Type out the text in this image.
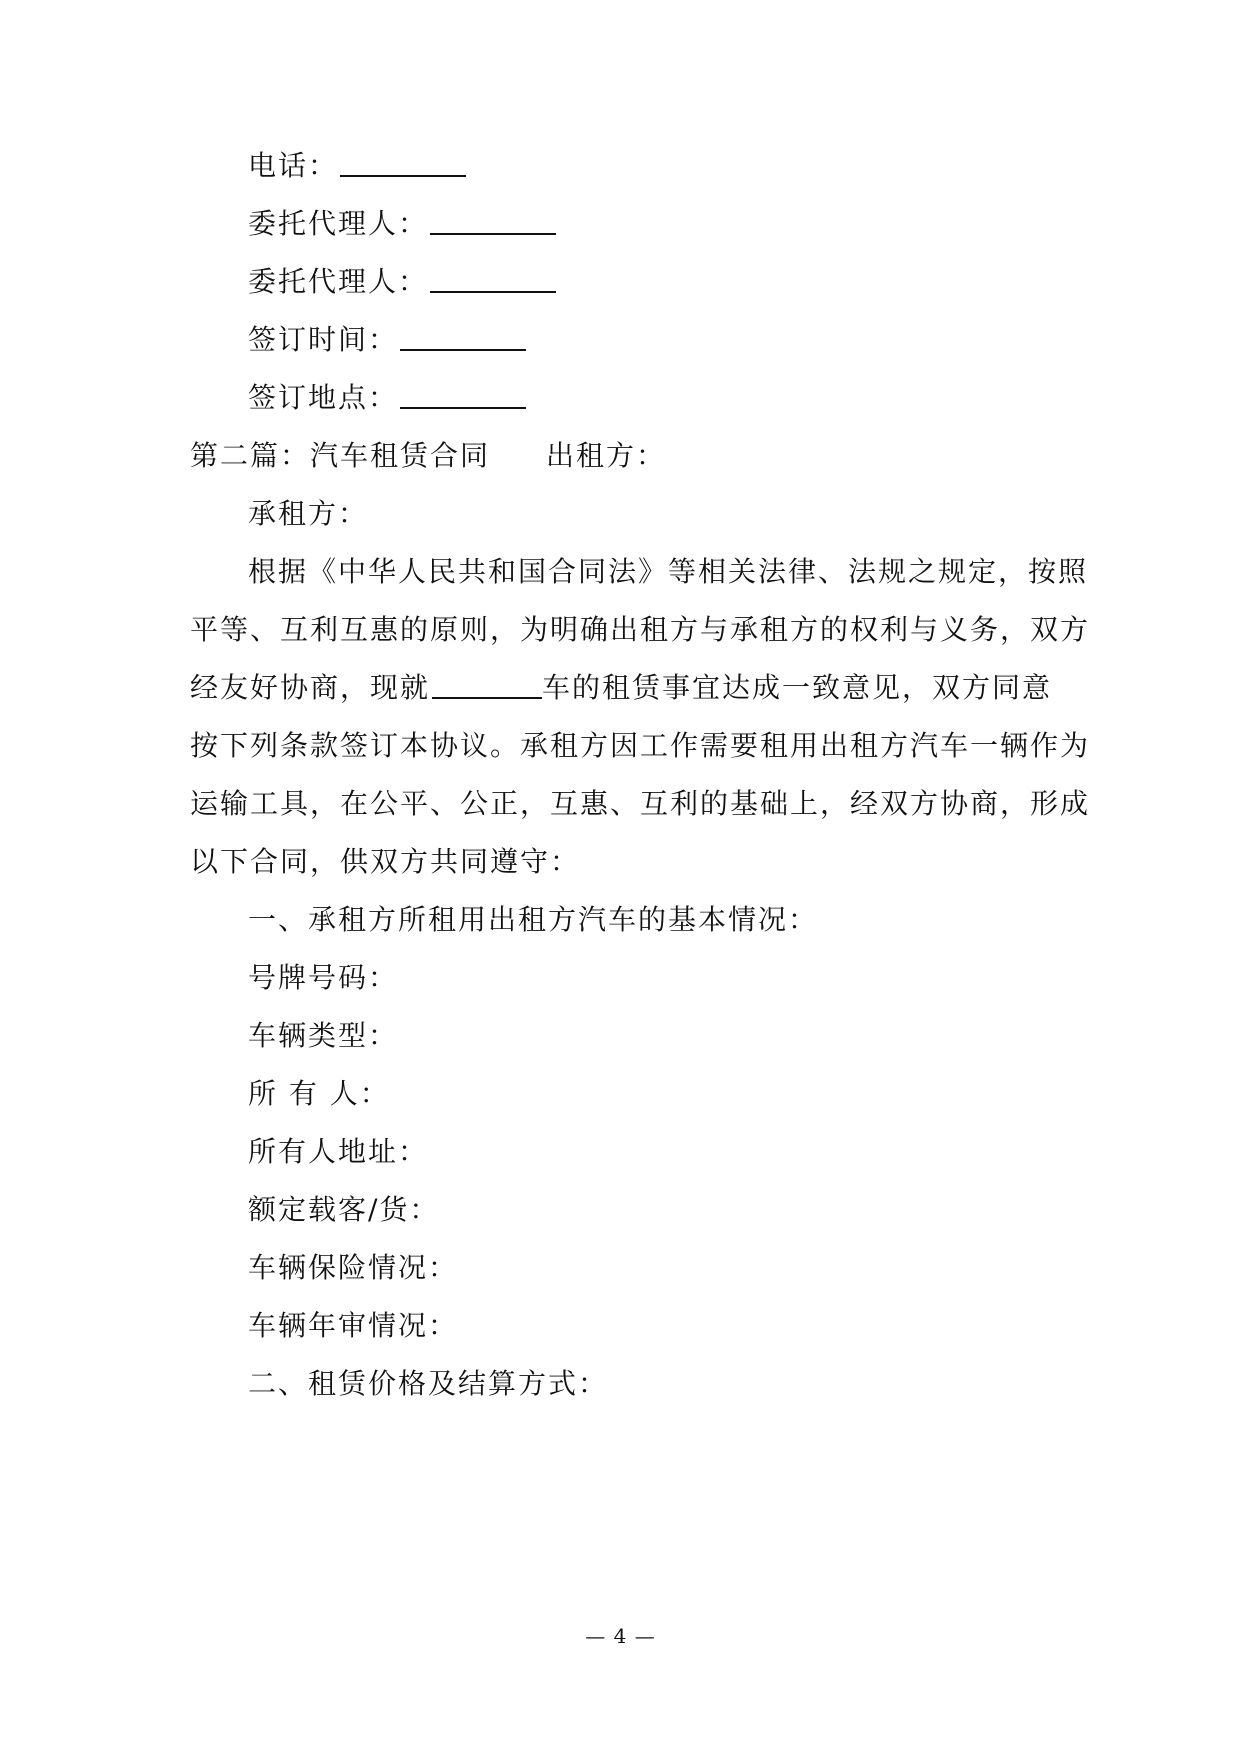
电话：
委托代理人：
委托代理人：
签订时间：
签订地点：
第二篇：汽车租赁合同 出租方：
承租方：
根据《中华人民共和国合同法》等相关法律、法规之规定，按照
平等、互利互惠的原则，为明确出租方与承租方的权利与义务，双方
经友好协商，现就	车的租赁事宜达成一致意见，双方同意
按下列条款签订本协议。承租方因工作需要租用出租方汽车一辆作为
运输工具，在公平、公正，互惠、互利的基础上，经双方协商，形成
以下合同，供双方共同遵守：
一、承租方所租用出租方汽车的基本情况：
号牌号码：
车辆类型：
所 有 人：
所有人地址：
额定载客/货：
车辆保险情况：
车辆年审情况：
二、租赁价格及结算方式：
— 4 —
